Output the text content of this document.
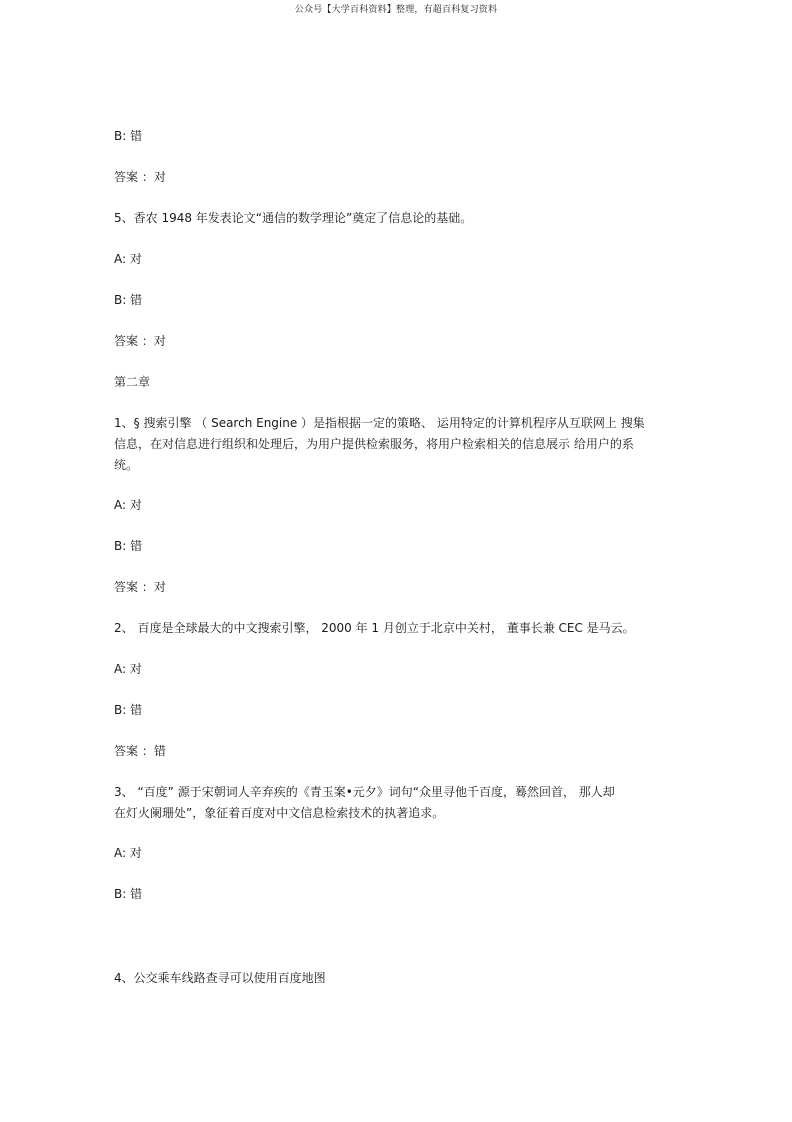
公众号【大学百科资料】整理，有超百科复习资料
B: 错
答案 ：对
5、香农 1948 年发表论文“通信的数学理论”奠定了信息论的基础。
A: 对
B: 错
答案 ：对
第二章
1、§ 搜索引擎 （ Search Engine ）是指根据一定的策略、 运用特定的计算机程序从互联网上 搜集
信息，在对信息进行组织和处理后，为用户提供检索服务，将用户检索相关的信息展示 给用户的系
统。
A: 对
B: 错
答案 ：对
2、 百度是全球最大的中文搜索引擎， 2000 年 1 月创立于北京中关村， 董事长兼 CEC 是马云。
A: 对
B: 错
答案 ：错
3、 “百度” 源于宋朝词人辛弃疾的《青玉案•元夕》词句“众里寻他千百度，蓦然回首， 那人却
在灯火阑珊处”，象征着百度对中文信息检索技术的执著追求。
A: 对
B: 错
4、公交乘车线路查寻可以使用百度地图
